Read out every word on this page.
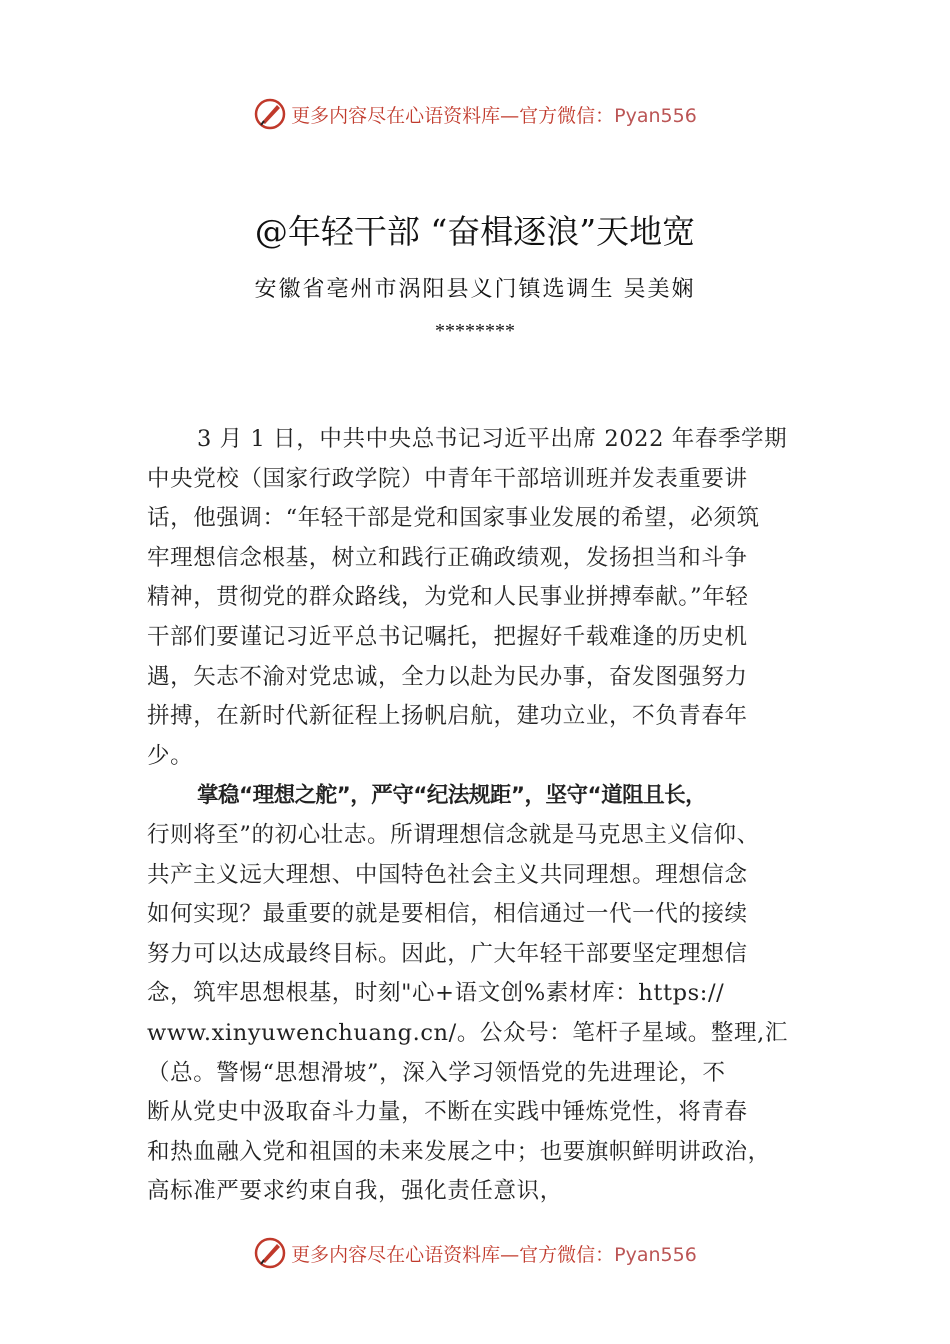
更多内容尽在心语资料库—官方微信：Pyan556
@年轻干部 “奋楫逐浪”天地宽
安徽省亳州市涡阳县义门镇选调生 吴美娴
********
3 月 1 日，中共中央总书记习近平出席 2022 年春季学期
中央党校（国家行政学院）中青年干部培训班并发表重要讲
话，他强调：“年轻干部是党和国家事业发展的希望，必须筑
牢理想信念根基，树立和践行正确政绩观，发扬担当和斗争
精神，贯彻党的群众路线，为党和人民事业拼搏奉献。”年轻
干部们要谨记习近平总书记嘱托，把握好千载难逢的历史机
遇，矢志不渝对党忠诚，全力以赴为民办事，奋发图强努力
拼搏，在新时代新征程上扬帆启航，建功立业，不负青春年
少。
掌稳“理想之舵”，严守“纪法规距”，坚守“道阻且长，
行则将至”的初心壮志。所谓理想信念就是马克思主义信仰、
共产主义远大理想、中国特色社会主义共同理想。理想信念
如何实现？最重要的就是要相信，相信通过一代一代的接续
努力可以达成最终目标。因此，广大年轻干部要坚定理想信
念，筑牢思想根基，时刻"心+语文创%素材库：https://
www.xinyuwenchuang.cn/。公众号：笔杆子星域。整理,汇
（总。警惕“思想滑坡”，深入学习领悟党的先进理论，不
断从党史中汲取奋斗力量，不断在实践中锤炼党性，将青春
和热血融入党和祖国的未来发展之中；也要旗帜鲜明讲政治，
高标准严要求约束自我，强化责任意识，
更多内容尽在心语资料库—官方微信：Pyan556
